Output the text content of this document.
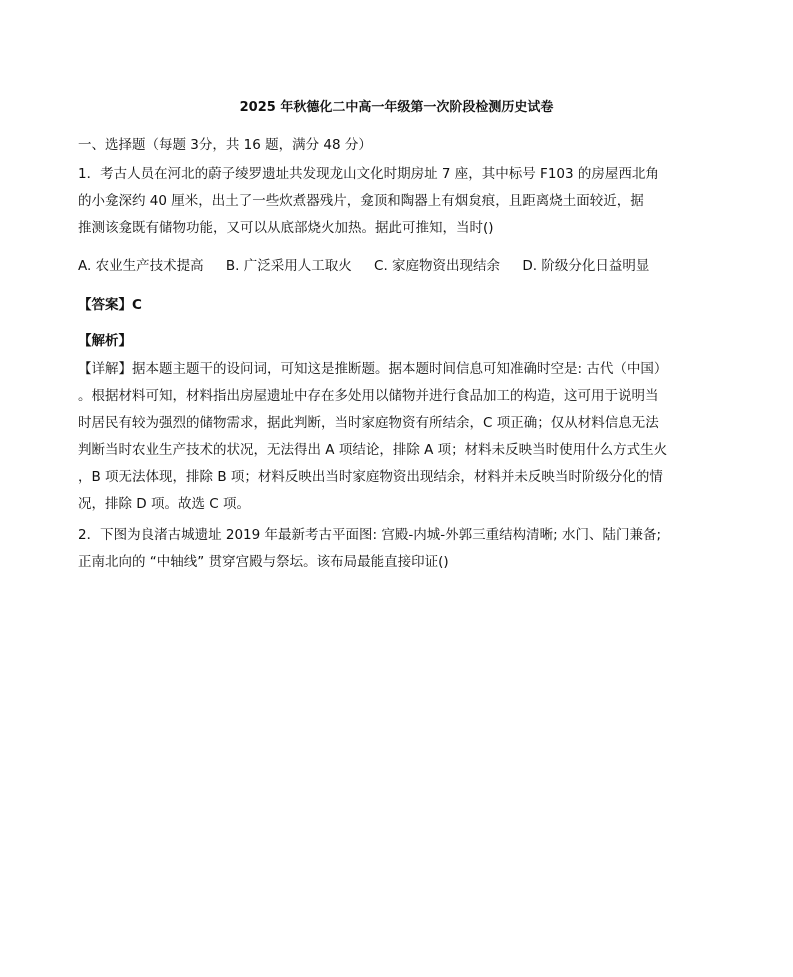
2025 年秋德化二中高一年级第一次阶段检测历史试卷
一、选择题（每题 3分，共 16 题，满分 48 分）
1．考古人员在河北的蔚子绫罗遗址共发现龙山文化时期房址 7 座，其中标号 F103 的房屋西北角
的小龛深约 40 厘米，出土了一些炊煮器残片，龛顶和陶器上有烟炱痕，且距离烧土面较近，据
推测该龛既有储物功能，又可以从底部烧火加热。据此可推知，当时()
A. 农业生产技术提高 B. 广泛采用人工取火 C. 家庭物资出现结余 D. 阶级分化日益明显
【答案】C
【解析】
【详解】据本题主题干的设问词，可知这是推断题。据本题时间信息可知准确时空是: 古代（中国）
。根据材料可知，材料指出房屋遗址中存在多处用以储物并进行食品加工的构造，这可用于说明当
时居民有较为强烈的储物需求，据此判断，当时家庭物资有所结余，C 项正确；仅从材料信息无法
判断当时农业生产技术的状况，无法得出 A 项结论，排除 A 项；材料未反映当时使用什么方式生火
，B 项无法体现，排除 B 项；材料反映出当时家庭物资出现结余，材料并未反映当时阶级分化的情
况，排除 D 项。故选 C 项。
2．下图为良渚古城遗址 2019 年最新考古平面图: 宫殿-内城-外郭三重结构清晰; 水门、陆门兼备;
正南北向的 “中轴线” 贯穿宫殿与祭坛。该布局最能直接印证()
